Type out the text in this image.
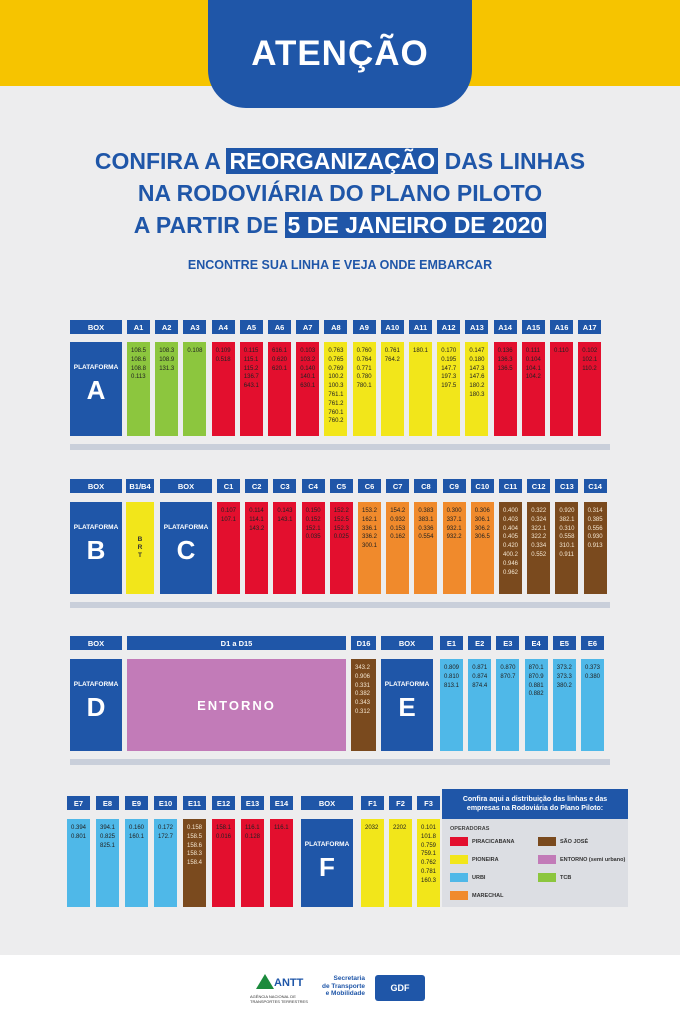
ATENÇÃO
CONFIRA A REORGANIZAÇÃO DAS LINHAS
NA RODOVIÁRIA DO PLANO PILOTO
A PARTIR DE 5 DE JANEIRO DE 2020
ENCONTRE SUA LINHA E VEJA ONDE EMBARCAR
Confira aqui a distribuição das linhas e das
empresas na Rodoviária do Plano Piloto:
OPERADORAS
PIRACICABANA	SÃO JOSÉ
PIONEIRA	ENTORNO (semi urbano)
URBI	TCB
MARECHAL
ANTT
AGÊNCIA NACIONAL DE TRANSPORTES TERRESTRES
Secretaria
de Transporte
e Mobilidade
GDF
BOX
PLATAFORMA
A
A1
108.5
108.6
108.8
0.113
A2
108.3
108.9
131.3
A3
0.108
A4
0.109
0.518
A5
0.115
115.1
115.2
136.7
643.1
A6
616.1
0.620
620.1
A7
0.103
103.2
0.140
140.1
630.1
A8
0.763
0.765
0.769
100.2
100.3
761.1
761.2
760.1
760.2
A9
0.760
0.764
0.771
0.780
780.1
A10
0.761
764.2
A11
180.1
A12
0.170
0.195
147.7
197.3
197.5
A13
0.147
0.180
147.3
147.6
180.2
180.3
A14
0.136
136.3
136.5
A15
0.111
0.104
104.1
104.2
A16
0.110
A17
0.102
102.1
110.2
BOX
PLATAFORMA
B
B1/B4
B
R
T
BOX
PLATAFORMA
C
C1
0.107
107.1
C2
0.114
114.1
143.2
C3
0.143
143.1
C4
0.150
0.152
152.1
0.035
C5
152.2
152.5
152.3
0.025
C6
153.2
162.1
336.1
336.2
300.1
C7
154.2
0.932
0.153
0.162
C8
0.383
383.1
0.336
0.554
C9
0.300
337.1
932.1
932.2
C10
0.306
306.1
306.2
306.5
C11
0.400
0.403
0.404
0.405
0.420
400.2
0.946
0.962
C12
0.322
0.324
322.1
322.2
0.334
0.552
C13
0.920
382.1
0.310
0.558
310.1
0.911
C14
0.314
0.385
0.556
0.930
0.913
BOX
PLATAFORMA
D
D1 a D15
ENTORNO
D16
343.2
0.906
0.331
0.382
0.343
0.312
BOX
PLATAFORMA
E
E1
0.809
0.810
813.1
E2
0.871
0.874
874.4
E3
0.870
870.7
E4
870.1
870.9
0.881
0.882
E5
373.2
373.3
380.2
E6
0.373
0.380
E7
0.394
0.801
E8
394.1
0.825
825.1
E9
0.160
160.1
E10
0.172
172.7
E11
0.158
158.5
158.6
158.3
158.4
E12
158.1
0.016
E13
116.1
0.128
E14
116.1
BOX
PLATAFORMA
F
F1
2032
F2
2202
F3
0.101
101.8
0.759
759.1
0.762
0.781
160.3
